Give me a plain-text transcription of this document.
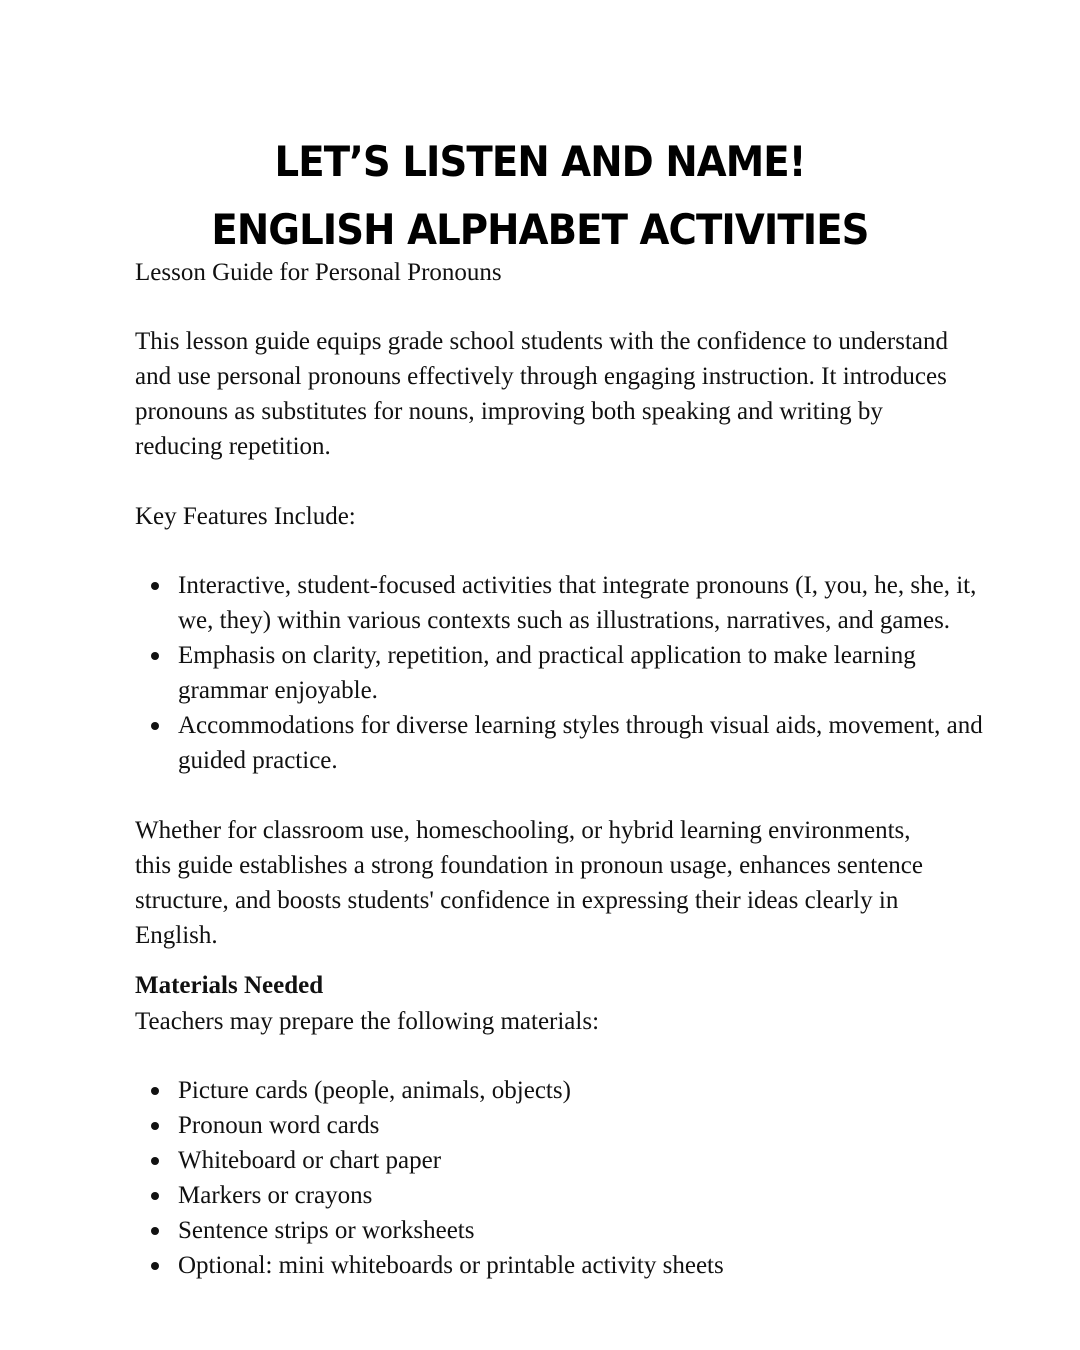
LET’S LISTEN AND NAME!
ENGLISH ALPHABET ACTIVITIES
Lesson Guide for Personal Pronouns
This lesson guide equips grade school students with the confidence to understand and use personal pronouns effectively through engaging instruction. It introduces pronouns as substitutes for nouns, improving both speaking and writing by reducing repetition.
Key Features Include:
Interactive, student-focused activities that integrate pronouns (I, you, he, she, it, we, they) within various contexts such as illustrations, narratives, and games.
Emphasis on clarity, repetition, and practical application to make learning grammar enjoyable.
Accommodations for diverse learning styles through visual aids, movement, and guided practice.
Whether for classroom use, homeschooling, or hybrid learning environments, this guide establishes a strong foundation in pronoun usage, enhances sentence structure, and boosts students' confidence in expressing their ideas clearly in English.
Materials Needed
Teachers may prepare the following materials:
Picture cards (people, animals, objects)
Pronoun word cards
Whiteboard or chart paper
Markers or crayons
Sentence strips or worksheets
Optional: mini whiteboards or printable activity sheets
